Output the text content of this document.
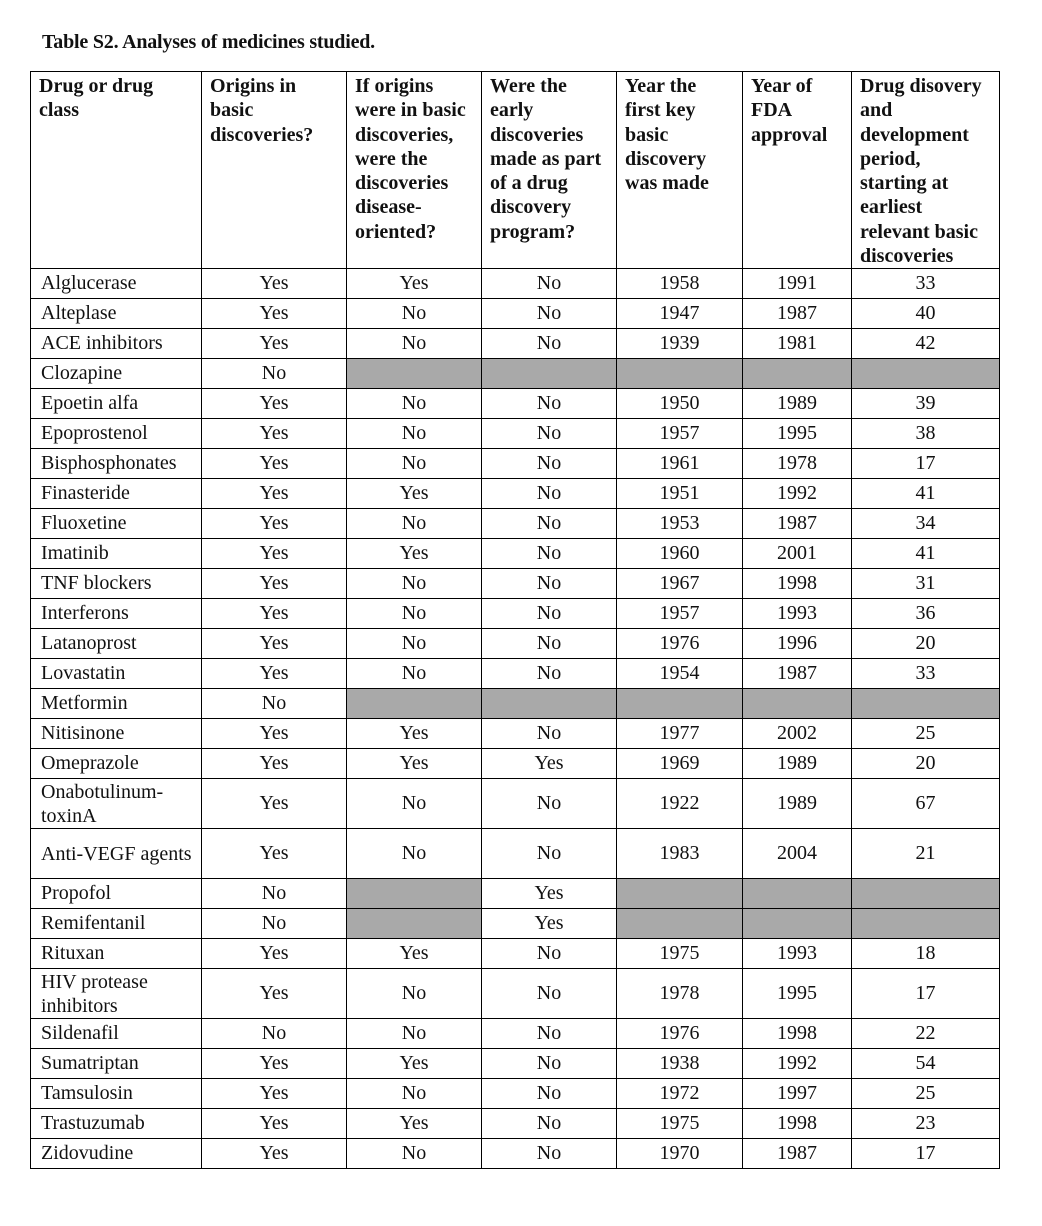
Table S2. Analyses of medicines studied.
Drug or drug class	Origins in basic discoveries?	If origins were in basic discoveries, were the discoveries disease-oriented?	Were the early discoveries made as part of a drug discovery program?	Year the first key basic discovery was made	Year of FDA approval	Drug disovery and development period, starting at earliest relevant basic discoveries
Alglucerase	Yes	Yes	No	1958	1991	33
Alteplase	Yes	No	No	1947	1987	40
ACE inhibitors	Yes	No	No	1939	1981	42
Clozapine	No					
Epoetin alfa	Yes	No	No	1950	1989	39
Epoprostenol	Yes	No	No	1957	1995	38
Bisphosphonates	Yes	No	No	1961	1978	17
Finasteride	Yes	Yes	No	1951	1992	41
Fluoxetine	Yes	No	No	1953	1987	34
Imatinib	Yes	Yes	No	1960	2001	41
TNF blockers	Yes	No	No	1967	1998	31
Interferons	Yes	No	No	1957	1993	36
Latanoprost	Yes	No	No	1976	1996	20
Lovastatin	Yes	No	No	1954	1987	33
Metformin	No					
Nitisinone	Yes	Yes	No	1977	2002	25
Omeprazole	Yes	Yes	Yes	1969	1989	20
Onabotulinum-toxinA	Yes	No	No	1922	1989	67
Anti-VEGF agents	Yes	No	No	1983	2004	21
Propofol	No		Yes			
Remifentanil	No		Yes			
Rituxan	Yes	Yes	No	1975	1993	18
HIV protease inhibitors	Yes	No	No	1978	1995	17
Sildenafil	No	No	No	1976	1998	22
Sumatriptan	Yes	Yes	No	1938	1992	54
Tamsulosin	Yes	No	No	1972	1997	25
Trastuzumab	Yes	Yes	No	1975	1998	23
Zidovudine	Yes	No	No	1970	1987	17
